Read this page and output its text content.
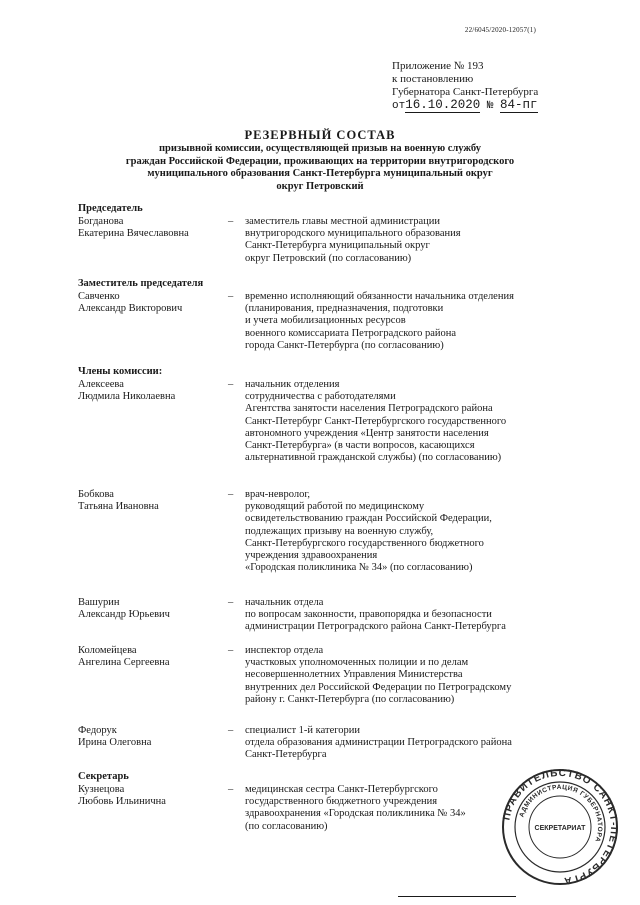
22/6045/2020-12057(1)
Приложение № 193
к постановлению
Губернатора Санкт-Петербурга
от16.10.2020 № 84-пг
РЕЗЕРВНЫЙ СОСТАВ
призывной комиссии, осуществляющей призыв на военную службу
граждан Российской Федерации, проживающих на территории внутригородского
муниципального образования Санкт-Петербурга муниципальный округ
округ Петровский
Председатель
Богданова
Екатерина Вячеславовна
– заместитель главы местной администрации
внутригородского муниципального образования
Санкт-Петербурга муниципальный округ
округ Петровский (по согласованию)
Заместитель председателя
Савченко
Александр Викторович
– временно исполняющий обязанности начальника отделения
(планирования, предназначения, подготовки
и учета мобилизационных ресурсов
военного комиссариата Петроградского района
города Санкт-Петербурга (по согласованию)
Члены комиссии:
Алексеева
Людмила Николаевна
– начальник отделения
сотрудничества с работодателями
Агентства занятости населения Петроградского района
Санкт-Петербург Санкт-Петербургского государственного
автономного учреждения «Центр занятости населения
Санкт-Петербурга» (в части вопросов, касающихся
альтернативной гражданской службы) (по согласованию)
Бобкова
Татьяна Ивановна
– врач-невролог,
руководящий работой по медицинскому
освидетельствованию граждан Российской Федерации,
подлежащих призыву на военную службу,
Санкт-Петербургского государственного бюджетного
учреждения здравоохранения
«Городская поликлиника № 34» (по согласованию)
Вашурин
Александр Юрьевич
– начальник отдела
по вопросам законности, правопорядка и безопасности
администрации Петроградского района Санкт-Петербурга
Коломейцева
Ангелина Сергеевна
– инспектор отдела
участковых уполномоченных полиции и по делам
несовершеннолетних Управления Министерства
внутренних дел Российской Федерации по Петроградскому
району г. Санкт-Петербурга (по согласованию)
Федорук
Ирина Олеговна
– специалист 1-й категории
отдела образования администрации Петроградского района
Санкт-Петербурга
Секретарь
Кузнецова
Любовь Ильинична
– медицинская сестра Санкт-Петербургского
государственного бюджетного учреждения
здравоохранения «Городская поликлиника № 34»
(по согласованию)
ПРАВИТЕЛЬСТВО САНКТ-ПЕТЕРБУРГА
АДМИНИСТРАЦИЯ ГУБЕРНАТОРА
СЕКРЕТАРИАТ
